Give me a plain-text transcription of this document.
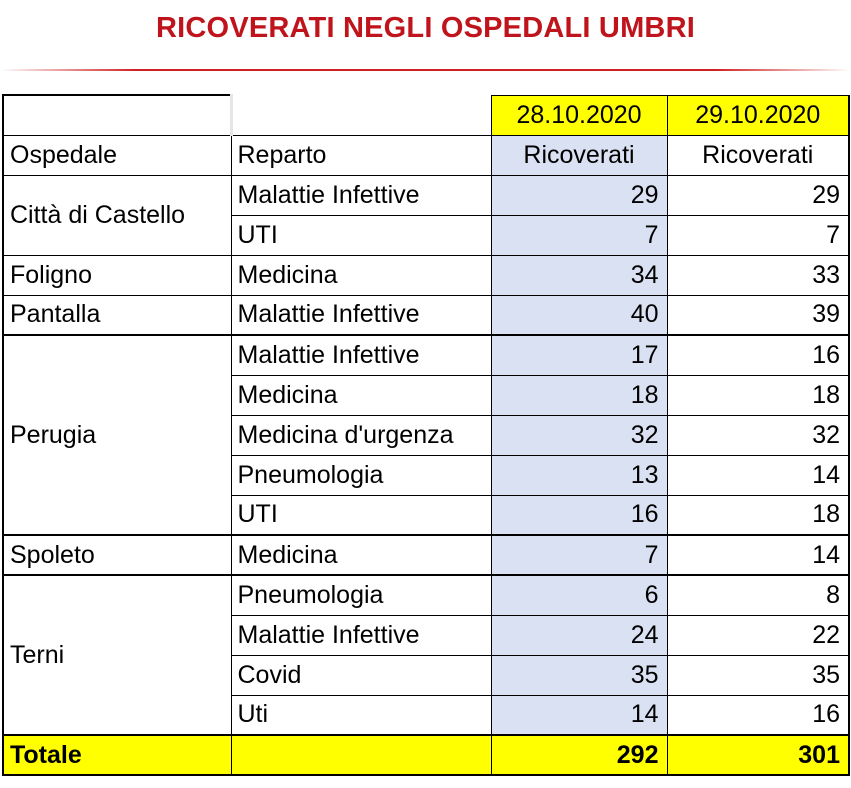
RICOVERATI NEGLI OSPEDALI UMBRI
		28.10.2020	29.10.2020
Ospedale	Reparto	Ricoverati	Ricoverati
Città di Castello	Malattie Infettive	29	29
	UTI	7	7
Foligno	Medicina	34	33
Pantalla	Malattie Infettive	40	39
Perugia	Malattie Infettive	17	16
	Medicina	18	18
	Medicina d'urgenza	32	32
	Pneumologia	13	14
	UTI	16	18
Spoleto	Medicina	7	14
Terni	Pneumologia	6	8
	Malattie Infettive	24	22
	Covid	35	35
	Uti	14	16
Totale		292	301
